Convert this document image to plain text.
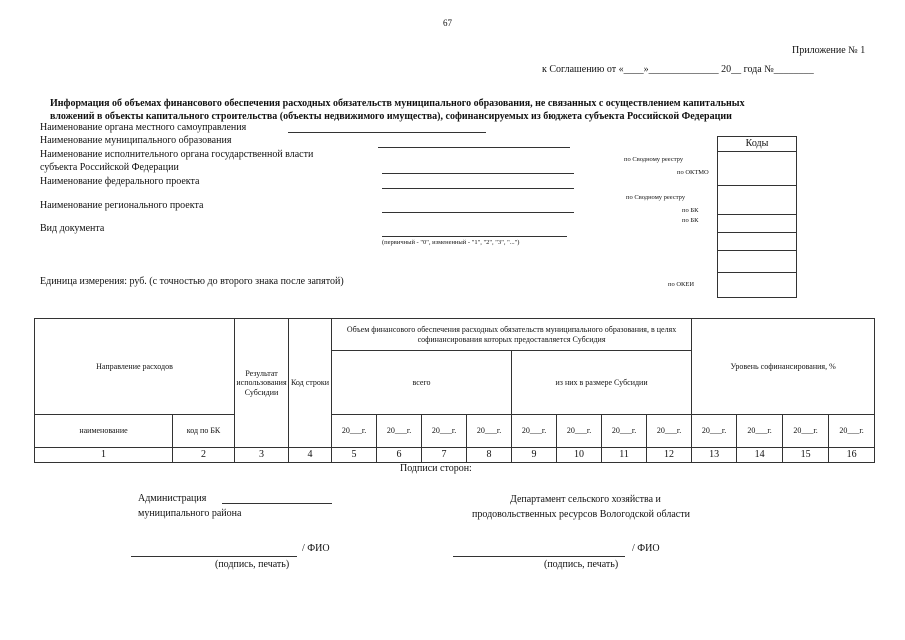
67
Приложение № 1
к Соглашению от «____»______________ 20__ года №________
Информация об объемах финансового обеспечения расходных обязательств муниципального образования, не связанных с осуществлением капитальных
вложений в объекты капитального строительства (объекты недвижимого имущества), софинансируемых из бюджета субъекта Российской Федерации
Наименование органа местного самоуправления
Наименование муниципального образования
Наименование исполнительного органа государственной власти
субъекта Российской Федерации
Наименование федерального проекта
Наименование регионального проекта
Вид документа
(первичный - "0", измененный - "1", "2", "3", "...")
Единица измерения: руб. (с точностью до второго знака после запятой)
Коды
по Сводному реестру
по ОКТМО
по Сводному реестру
по БК
по БК
по ОКЕИ
Направление расходов		Результат использования Субсидии	Код строки	Объем финансового обеспечения расходных обязательств муниципального образования, в целях софинансирования которых предоставляется Субсидия								Уровень софинансирования, %			
				всего				из них в размере Субсидии							

наименование	код по БК			20___г.	20___г.	20___г.	20___г.	20___г.	20___г.	20___г.	20___г.	20___г.	20___г.	20___г.	20___г.
1	2	3	4	5	6	7	8	9	10	11	12	13	14	15	16
Подписи сторон:
Администрация
муниципального района
Департамент сельского хозяйства и
продовольственных ресурсов Вологодской области
/ ФИО
(подпись, печать)
/ ФИО
(подпись, печать)
